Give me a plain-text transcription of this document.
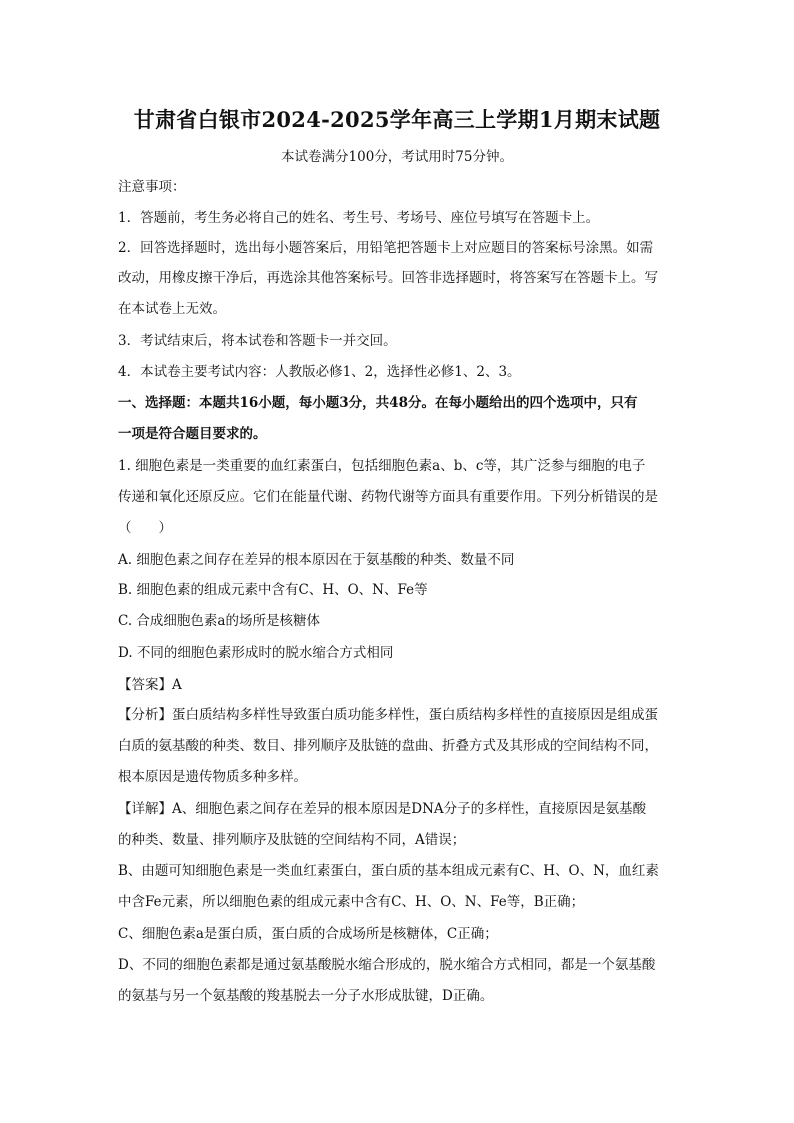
甘肃省白银市2024-2025学年高三上学期1月期末试题
本试卷满分100分，考试用时75分钟。
注意事项：
1．答题前，考生务必将自己的姓名、考生号、考场号、座位号填写在答题卡上。
2．回答选择题时，选出每小题答案后，用铅笔把答题卡上对应题目的答案标号涂黑。如需
改动，用橡皮擦干净后，再选涂其他答案标号。回答非选择题时，将答案写在答题卡上。写
在本试卷上无效。
3．考试结束后，将本试卷和答题卡一并交回。
4．本试卷主要考试内容：人教版必修1、2，选择性必修1、2、3。
一、选择题：本题共16小题，每小题3分，共48分。在每小题给出的四个选项中，只有
一项是符合题目要求的。
1. 细胞色素是一类重要的血红素蛋白，包括细胞色素a、b、c等，其广泛参与细胞的电子
传递和氧化还原反应。它们在能量代谢、药物代谢等方面具有重要作用。下列分析错误的是
（　　）
A. 细胞色素之间存在差异的根本原因在于氨基酸的种类、数量不同
B. 细胞色素的组成元素中含有C、H、O、N、Fe等
C. 合成细胞色素a的场所是核糖体
D. 不同的细胞色素形成时的脱水缩合方式相同
【答案】A
【分析】蛋白质结构多样性导致蛋白质功能多样性，蛋白质结构多样性的直接原因是组成蛋
白质的氨基酸的种类、数目、排列顺序及肽链的盘曲、折叠方式及其形成的空间结构不同，
根本原因是遗传物质多种多样。
【详解】A、细胞色素之间存在差异的根本原因是DNA分子的多样性，直接原因是氨基酸
的种类、数量、排列顺序及肽链的空间结构不同，A错误；
B、由题可知细胞色素是一类血红素蛋白，蛋白质的基本组成元素有C、H、O、N，血红素
中含Fe元素，所以细胞色素的组成元素中含有C、H、O、N、Fe等，B正确；
C、细胞色素a是蛋白质，蛋白质的合成场所是核糖体，C正确；
D、不同的细胞色素都是通过氨基酸脱水缩合形成的，脱水缩合方式相同，都是一个氨基酸
的氨基与另一个氨基酸的羧基脱去一分子水形成肽键，D正确。
